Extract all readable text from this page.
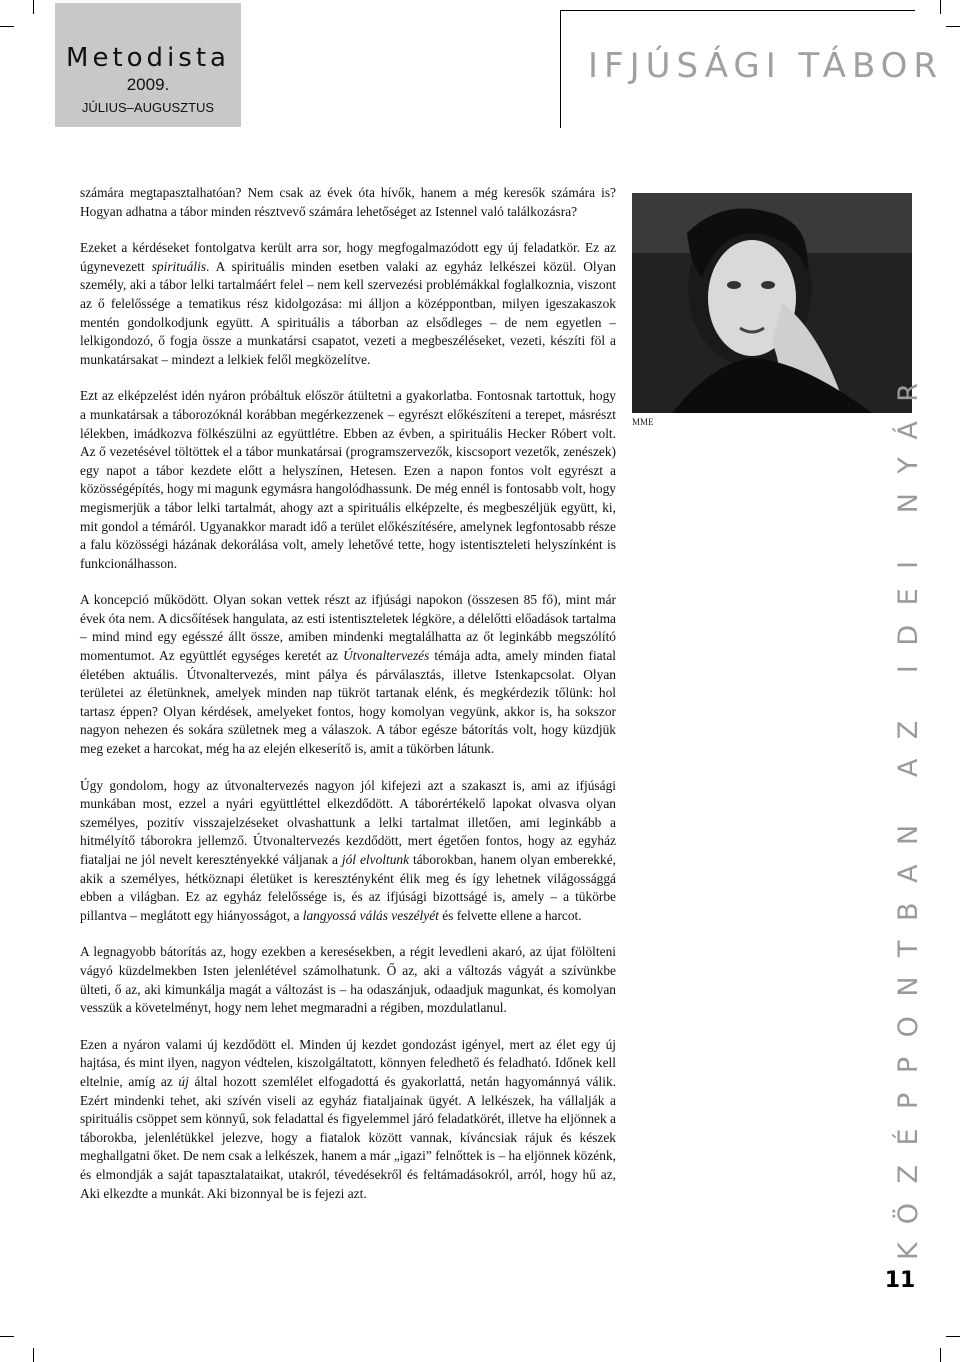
Metodista
2009.
JÚLIUS–AUGUSZTUS
IFJÚSÁGI TÁBOR
MME

számára megtapasztalhatóan? Nem csak az évek óta hívők, hanem a még keresők számára is? Hogyan adhatna a tábor minden résztvevő számára lehetőséget az Istennel való találkozásra?

Ezeket a kérdéseket fontolgatva került arra sor, hogy megfogalmazódott egy új feladatkör. Ez az úgynevezett spirituális. A spirituális minden esetben valaki az egyház lelkészei közül. Olyan személy, aki a tábor lelki tartalmáért felel – nem kell szervezési problémákkal foglalkoznia, viszont az ő felelőssége a tematikus rész kidolgozása: mi álljon a középpontban, milyen igeszakaszok mentén gondolkodjunk együtt. A spirituális a táborban az elsődleges – de nem egyetlen – lelkigondozó, ő fogja össze a munkatársi csapatot, vezeti a megbeszéléseket, vezeti, készíti föl a munkatársakat – mindezt a lelkiek felől megközelítve.

Ezt az elképzelést idén nyáron próbáltuk először átültetni a gyakorlatba. Fontosnak tartottuk, hogy a munkatársak a táborozóknál korábban megérkezzenek – egyrészt előkészíteni a terepet, másrészt lélekben, imádkozva fölkészülni az együttlétre. Ebben az évben, a spirituális Hecker Róbert volt. Az ő vezetésével töltöttek el a tábor munkatársai (programszervezők, kiscsoport vezetők, zenészek) egy napot a tábor kezdete előtt a helyszínen, Hetesen. Ezen a napon fontos volt egyrészt a közösségépítés, hogy mi magunk egymásra hangolódhassunk. De még ennél is fontosabb volt, hogy megismerjük a tábor lelki tartalmát, ahogy azt a spirituális elképzelte, és megbeszéljük együtt, ki, mit gondol a témáról. Ugyanakkor maradt idő a terület előkészítésére, amelynek legfontosabb része a falu közösségi házának dekorálása volt, amely lehetővé tette, hogy istentiszteleti helyszínként is funkcionálhasson.

A koncepció működött. Olyan sokan vettek részt az ifjúsági napokon (összesen 85 fő), mint már évek óta nem. A dicsőítések hangulata, az esti istentiszteletek légköre, a délelőtti előadások tartalma – mind mind egy egésszé állt össze, amiben mindenki megtalálhatta az őt leginkább megszólító momentumot. Az együttlét egységes keretét az Útvonaltervezés témája adta, amely minden fiatal életében aktuális. Útvonaltervezés, mint pálya és párválasztás, illetve Istenkapcsolat. Olyan területei az életünknek, amelyek minden nap tükröt tartanak elénk, és megkérdezik tőlünk: hol tartasz éppen? Olyan kérdések, amelyeket fontos, hogy komolyan vegyünk, akkor is, ha sokszor nagyon nehezen és sokára születnek meg a válaszok. A tábor egésze bátorítás volt, hogy küzdjük meg ezeket a harcokat, még ha az elején elkeserítő is, amit a tükörben látunk.

Úgy gondolom, hogy az útvonaltervezés nagyon jól kifejezi azt a szakaszt is, ami az ifjúsági munkában most, ezzel a nyári együttléttel elkezdődött. A táborértékelő lapokat olvasva olyan személyes, pozitív visszajelzéseket olvashattunk a lelki tartalmat illetően, ami leginkább a hitmélyítő táborokra jellemző. Útvonaltervezés kezdődött, mert égetően fontos, hogy az egyház fiataljai ne jól nevelt keresztényekké váljanak a jól elvoltunk táborokban, hanem olyan emberekké, akik a személyes, hétköznapi életüket is keresztényként élik meg és így lehetnek világossággá ebben a világban. Ez az egyház felelőssége is, és az ifjúsági bizottságé is, amely – a tükörbe pillantva – meglátott egy hiányosságot, a langyossá válás veszélyét és felvette ellene a harcot.

A legnagyobb bátorítás az, hogy ezekben a keresésekben, a régit levedleni akaró, az újat fölölteni vágyó küzdelmekben Isten jelenlétével számolhatunk. Ő az, aki a változás vágyát a szívünkbe ülteti, ő az, aki kimunkálja magát a változást is – ha odaszánjuk, odaadjuk magunkat, és komolyan vesszük a követelményt, hogy nem lehet megmaradni a régiben, mozdulatlanul.

Ezen a nyáron valami új kezdődött el. Minden új kezdet gondozást igényel, mert az élet egy új hajtása, és mint ilyen, nagyon védtelen, kiszolgáltatott, könnyen feledhető és feladható. Időnek kell eltelnie, amíg az új által hozott szemlélet elfogadottá és gyakorlattá, netán hagyománnyá válik. Ezért mindenki tehet, aki szívén viseli az egyház fiataljainak ügyét. A lelkészek, ha vállalják a spirituális csöppet sem könnyű, sok feladattal és figyelemmel járó feladatkörét, illetve ha eljönnek a táborokba, jelenlétükkel jelezve, hogy a fiatalok között vannak, kíváncsiak rájuk és készek meghallgatni őket. De nem csak a lelkészek, hanem a már „igazi” felnőttek is – ha eljönnek közénk, és elmondják a saját tapasztalataikat, utakról, tévedésekről és feltámadásokról, arról, hogy hű az, Aki elkezdte a munkát. Aki bizonnyal be is fejezi azt.	KÖZÉPPONTBAN AZ IDEI NYÁR
11
